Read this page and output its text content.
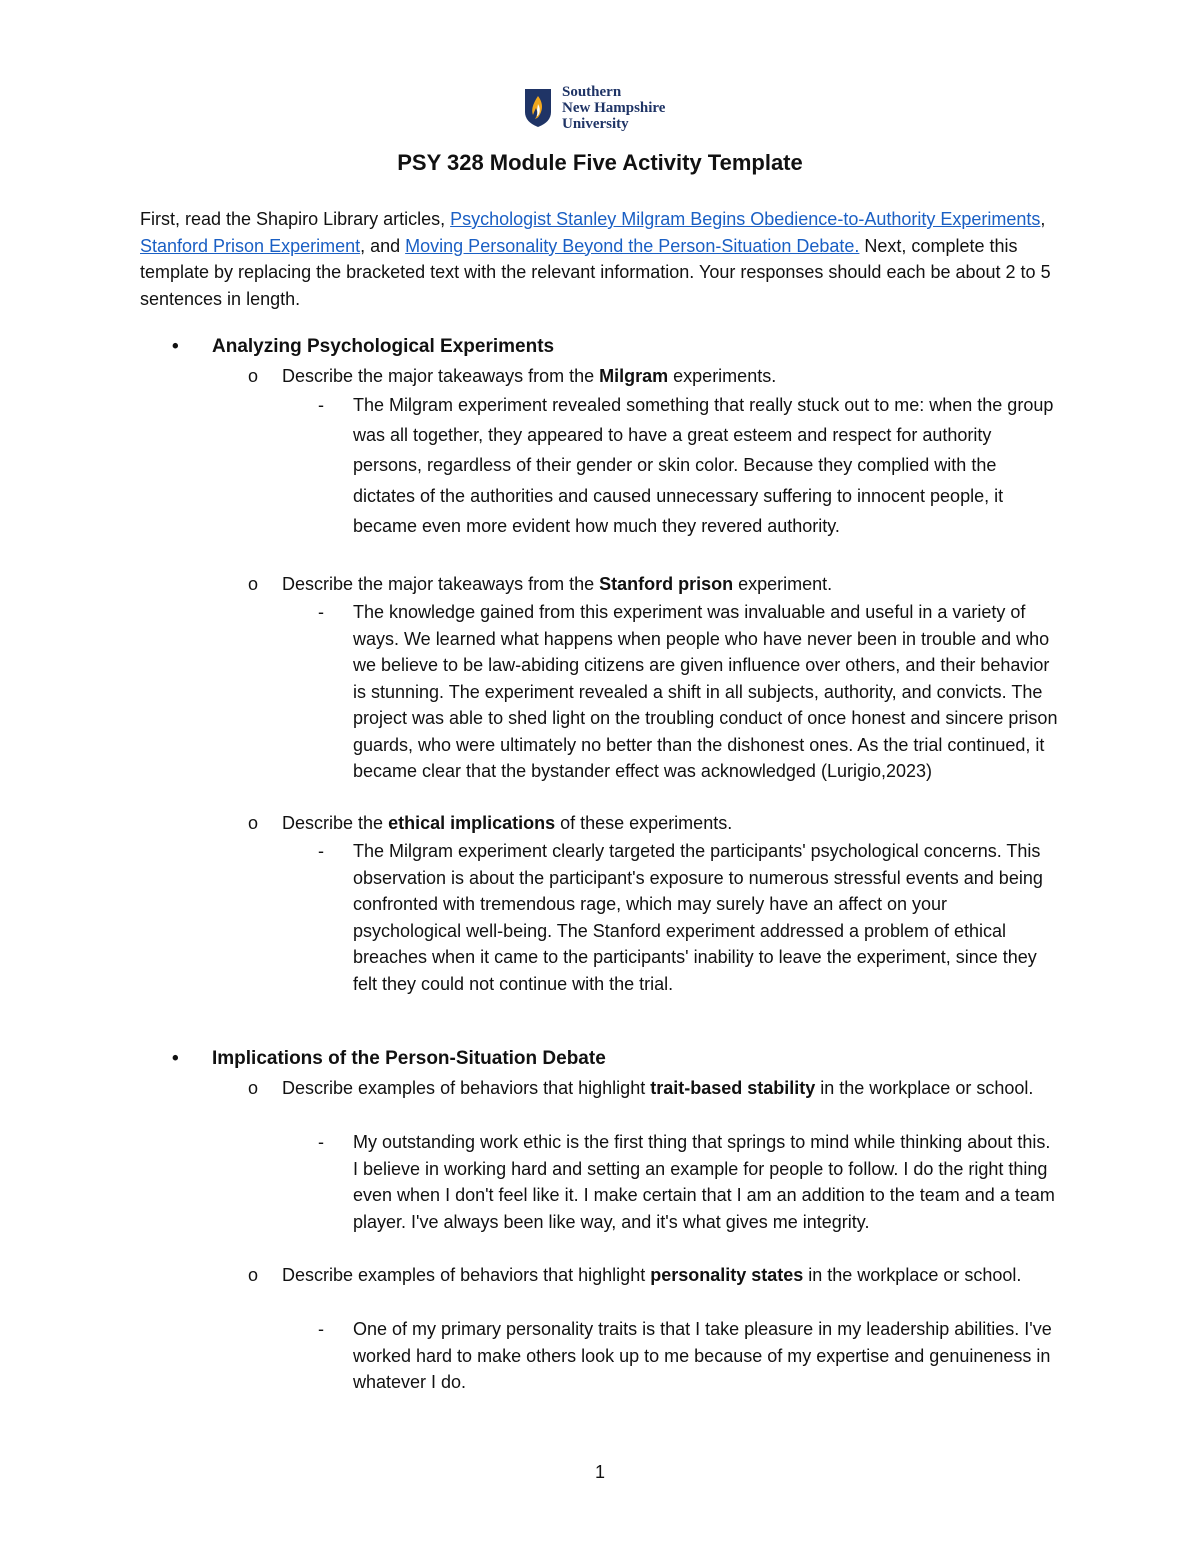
Southern
New Hampshire
University
PSY 328 Module Five Activity Template
First, read the Shapiro Library articles, Psychologist Stanley Milgram Begins Obedience-to-Authority Experiments, Stanford Prison Experiment, and Moving Personality Beyond the Person-Situation Debate. Next, complete this template by replacing the bracketed text with the relevant information. Your responses should each be about 2 to 5 sentences in length.
• Analyzing Psychological Experiments
o Describe the major takeaways from the Milgram experiments.
- The Milgram experiment revealed something that really stuck out to me: when the group was all together, they appeared to have a great esteem and respect for authority persons, regardless of their gender or skin color. Because they complied with the dictates of the authorities and caused unnecessary suffering to innocent people, it became even more evident how much they revered authority.
o Describe the major takeaways from the Stanford prison experiment.
- The knowledge gained from this experiment was invaluable and useful in a variety of ways. We learned what happens when people who have never been in trouble and who we believe to be law-abiding citizens are given influence over others, and their behavior is stunning. The experiment revealed a shift in all subjects, authority, and convicts. The project was able to shed light on the troubling conduct of once honest and sincere prison guards, who were ultimately no better than the dishonest ones. As the trial continued, it became clear that the bystander effect was acknowledged (Lurigio,2023)
o Describe the ethical implications of these experiments.
- The Milgram experiment clearly targeted the participants' psychological concerns. This observation is about the participant's exposure to numerous stressful events and being confronted with tremendous rage, which may surely have an affect on your psychological well-being. The Stanford experiment addressed a problem of ethical breaches when it came to the participants' inability to leave the experiment, since they felt they could not continue with the trial.
• Implications of the Person-Situation Debate
o Describe examples of behaviors that highlight trait-based stability in the workplace or school.
- My outstanding work ethic is the first thing that springs to mind while thinking about this. I believe in working hard and setting an example for people to follow. I do the right thing even when I don't feel like it. I make certain that I am an addition to the team and a team player. I've always been like way, and it's what gives me integrity.
o Describe examples of behaviors that highlight personality states in the workplace or school.
- One of my primary personality traits is that I take pleasure in my leadership abilities. I've worked hard to make others look up to me because of my expertise and genuineness in whatever I do.
1
